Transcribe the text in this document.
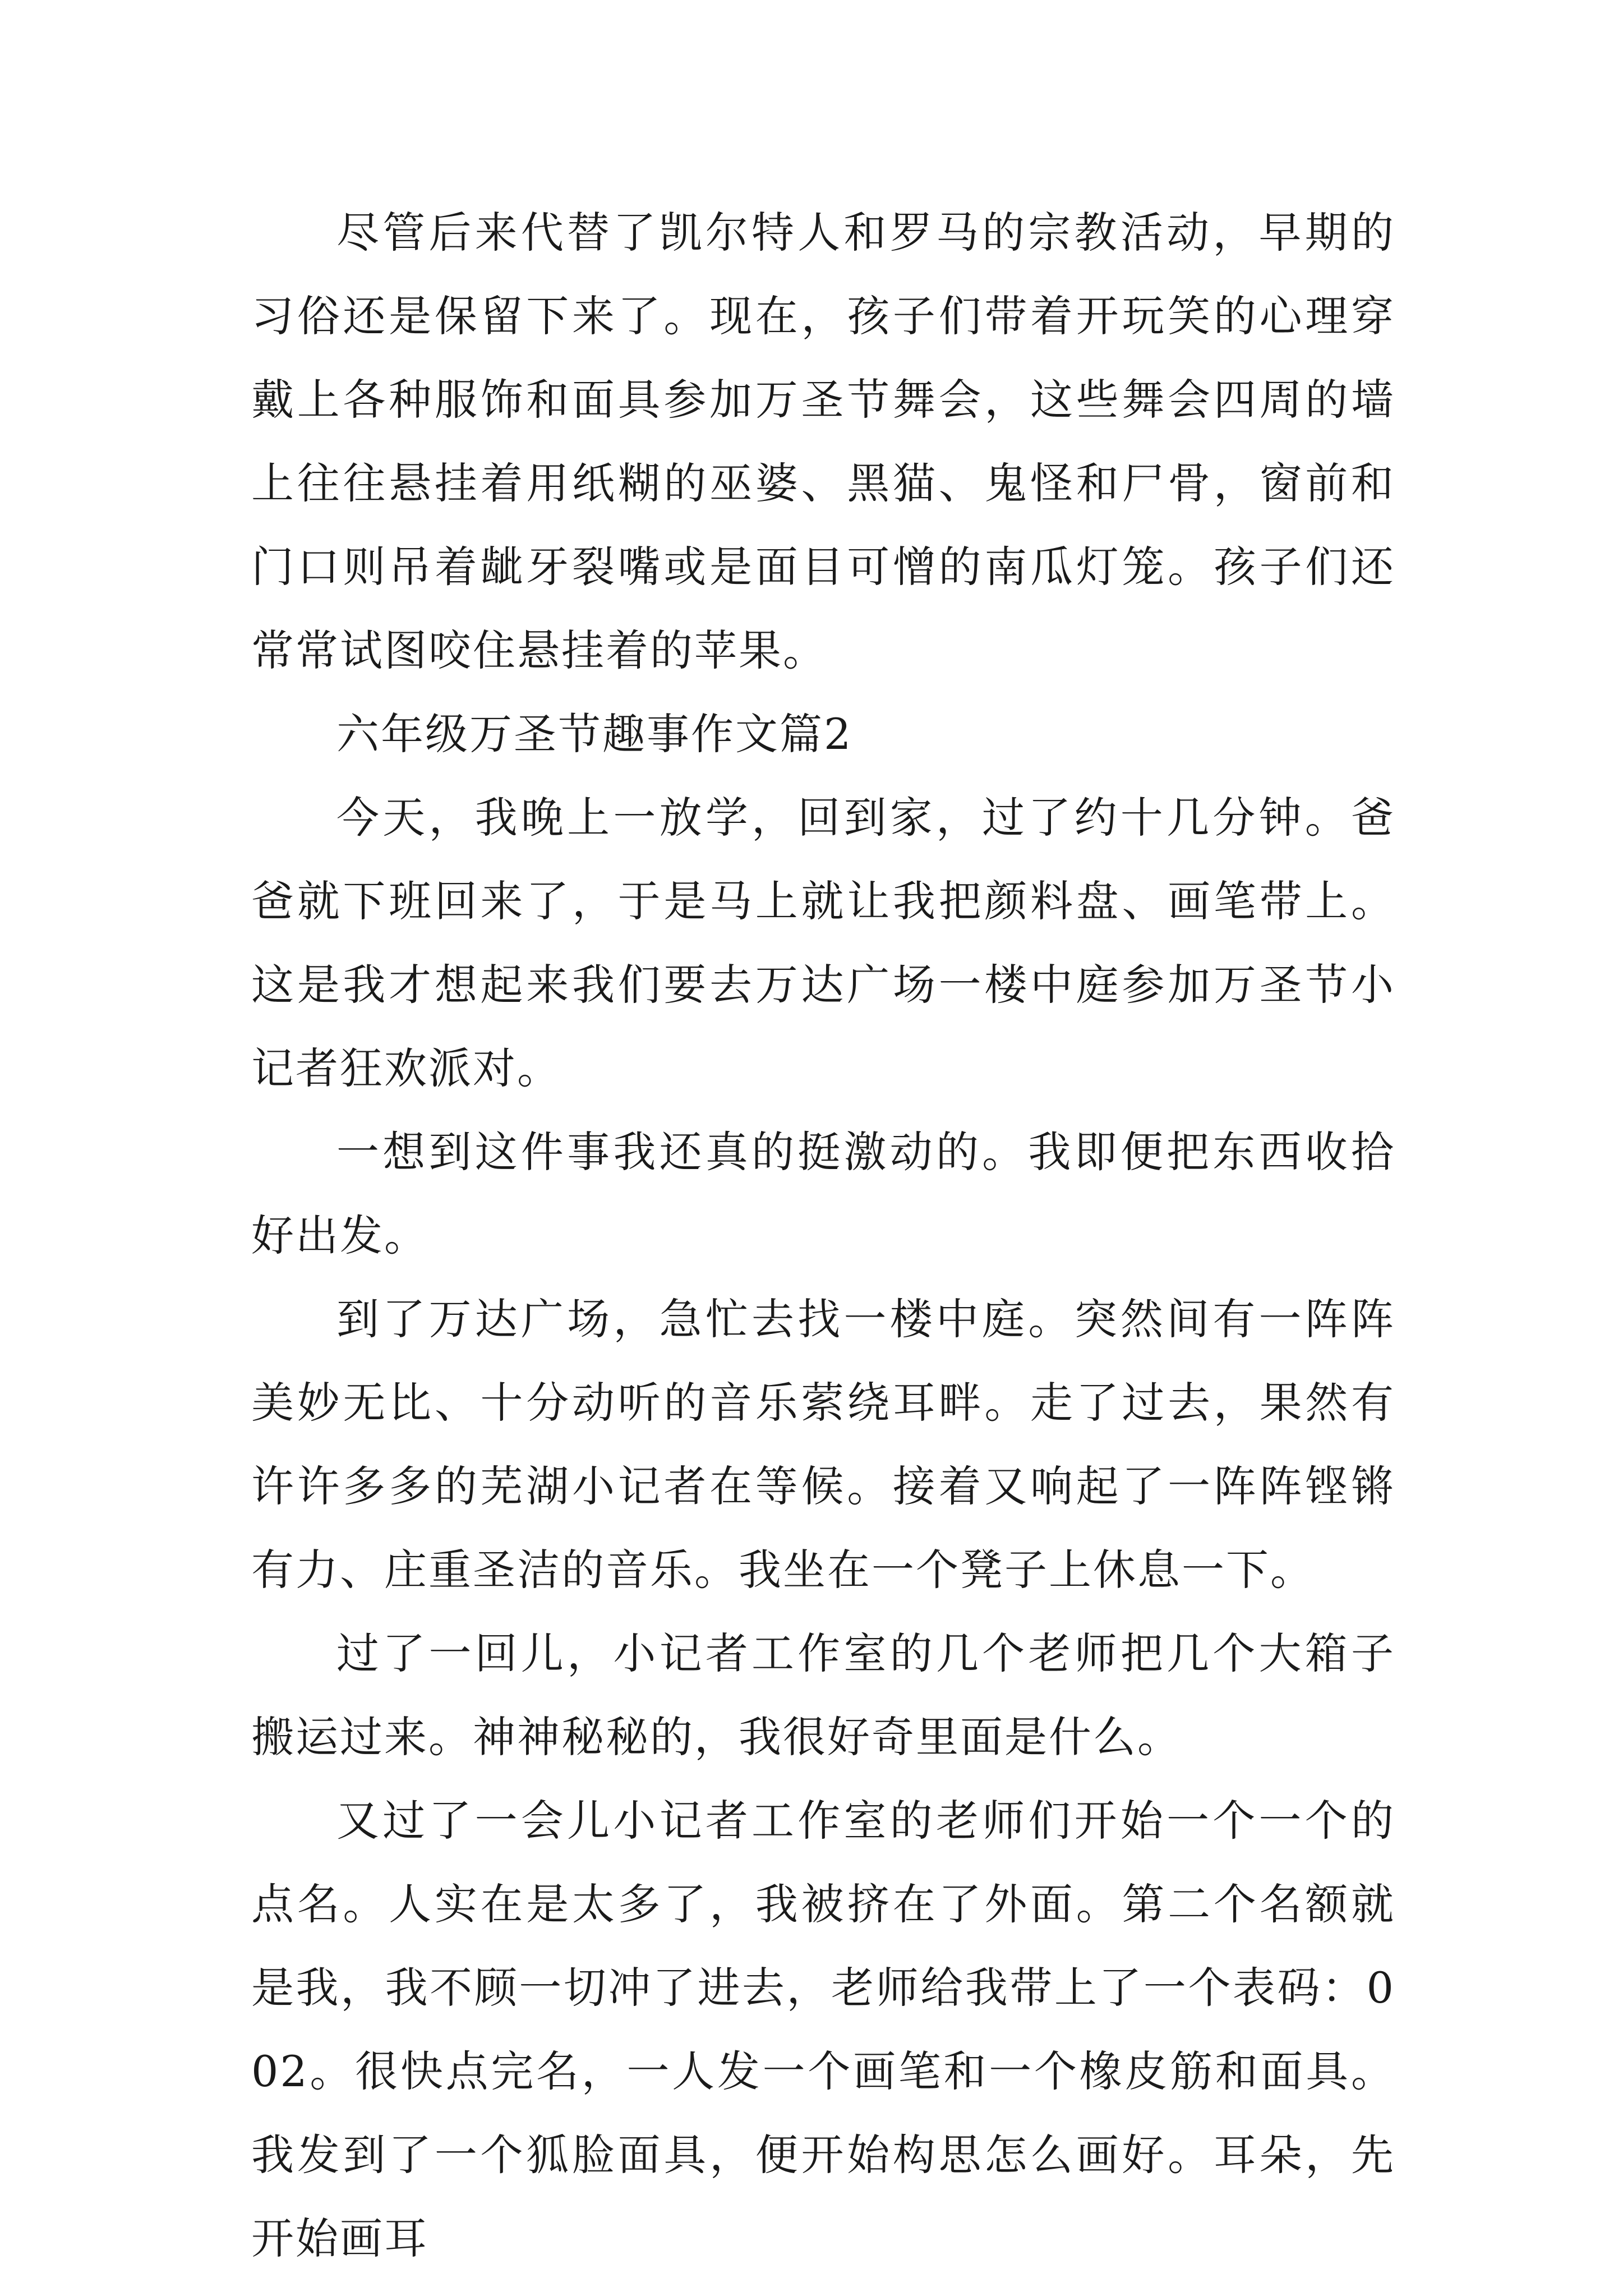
尽管后来代替了凯尔特人和罗马的宗教活动，早期的习俗还是保留下来了。现在，孩子们带着开玩笑的心理穿戴上各种服饰和面具参加万圣节舞会，这些舞会四周的墙上往往悬挂着用纸糊的巫婆、黑猫、鬼怪和尸骨，窗前和门口则吊着龇牙裂嘴或是面目可憎的南瓜灯笼。孩子们还常常试图咬住悬挂着的苹果。

六年级万圣节趣事作文篇2

今天，我晚上一放学，回到家，过了约十几分钟。爸爸就下班回来了，于是马上就让我把颜料盘、画笔带上。这是我才想起来我们要去万达广场一楼中庭参加万圣节小记者狂欢派对。

一想到这件事我还真的挺激动的。我即便把东西收拾好出发。

到了万达广场，急忙去找一楼中庭。突然间有一阵阵美妙无比、十分动听的音乐萦绕耳畔。走了过去，果然有许许多多的芜湖小记者在等候。接着又响起了一阵阵铿锵有力、庄重圣洁的音乐。我坐在一个凳子上休息一下。

过了一回儿，小记者工作室的几个老师把几个大箱子搬运过来。神神秘秘的，我很好奇里面是什么。

又过了一会儿小记者工作室的老师们开始一个一个的点名。人实在是太多了，我被挤在了外面。第二个名额就是我，我不顾一切冲了进去，老师给我带上了一个表码：002。很快点完名，一人发一个画笔和一个橡皮筋和面具。我发到了一个狐脸面具，便开始构思怎么画好。耳朵，先开始画耳
